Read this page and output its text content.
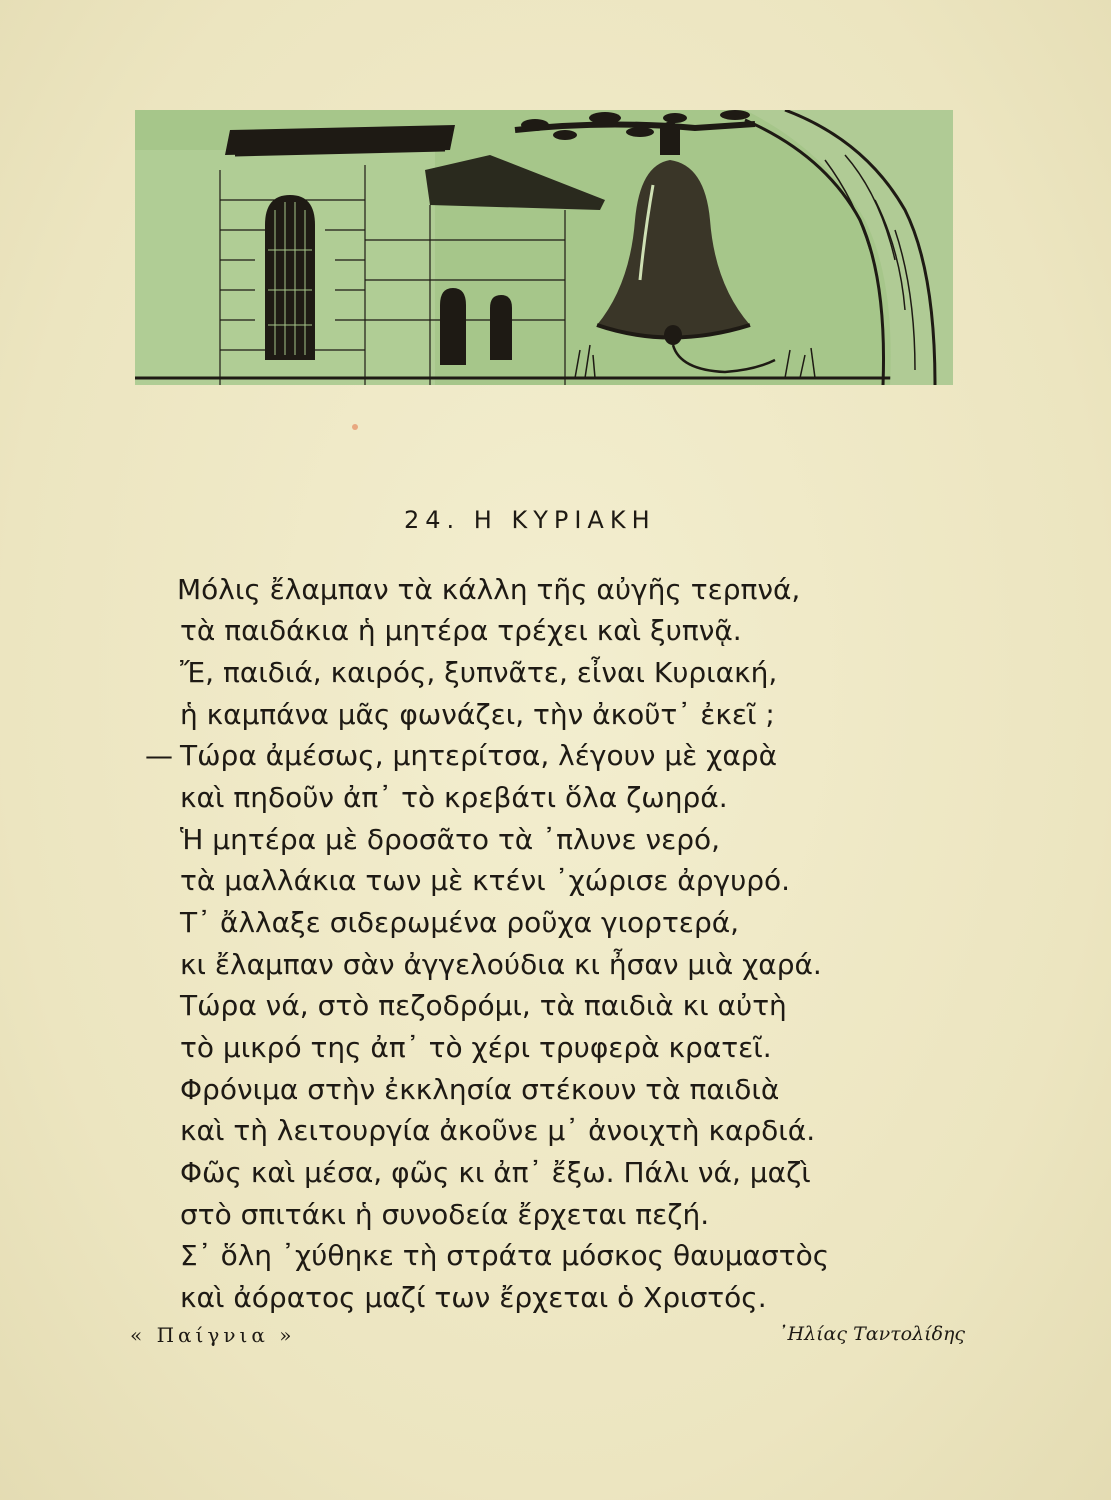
24. Η ΚΥΡΙΑΚΗ
Μόλις ἔλαμπαν τὰ κάλλη τῆς αὐγῆς τερπνά,
τὰ παιδάκια ἡ μητέρα τρέχει καὶ ξυπνᾷ.
Ἔ, παιδιά, καιρός, ξυπνᾶτε, εἶναι Κυριακή,
ἡ καμπάνα μᾶς φωνάζει, τὴν ἀκοῦτ᾽ ἐκεῖ ;
— Τώρα ἀμέσως, μητερίτσα, λέγουν μὲ χαρὰ
καὶ πηδοῦν ἀπ᾽ τὸ κρεβάτι ὅλα ζωηρά.
Ἡ μητέρα μὲ δροσᾶτο τὰ ᾽πλυνε νερό,
τὰ μαλλάκια των μὲ κτένι ᾽χώρισε ἀργυρό.
Τ᾽ ἄλλαξε σιδερωμένα ροῦχα γιορτερά,
κι ἔλαμπαν σὰν ἀγγελούδια κι ἦσαν μιὰ χαρά.
Τώρα νά, στὸ πεζοδρόμι, τὰ παιδιὰ κι αὐτὴ
τὸ μικρό της ἀπ᾽ τὸ χέρι τρυφερὰ κρατεῖ.
Φρόνιμα στὴν ἐκκλησία στέκουν τὰ παιδιὰ
καὶ τὴ λειτουργία ἀκοῦνε μ᾽ ἀνοιχτὴ καρδιά.
Φῶς καὶ μέσα, φῶς κι ἀπ᾽ ἔξω. Πάλι νά, μαζὶ
στὸ σπιτάκι ἡ συνοδεία ἔρχεται πεζή.
Σ᾽ ὅλη ᾽χύθηκε τὴ στράτα μόσκος θαυμαστὸς
καὶ ἀόρατος μαζί των ἔρχεται ὁ Χριστός.
« Παίγνια »	᾽Ηλίας Ταντολίδης
